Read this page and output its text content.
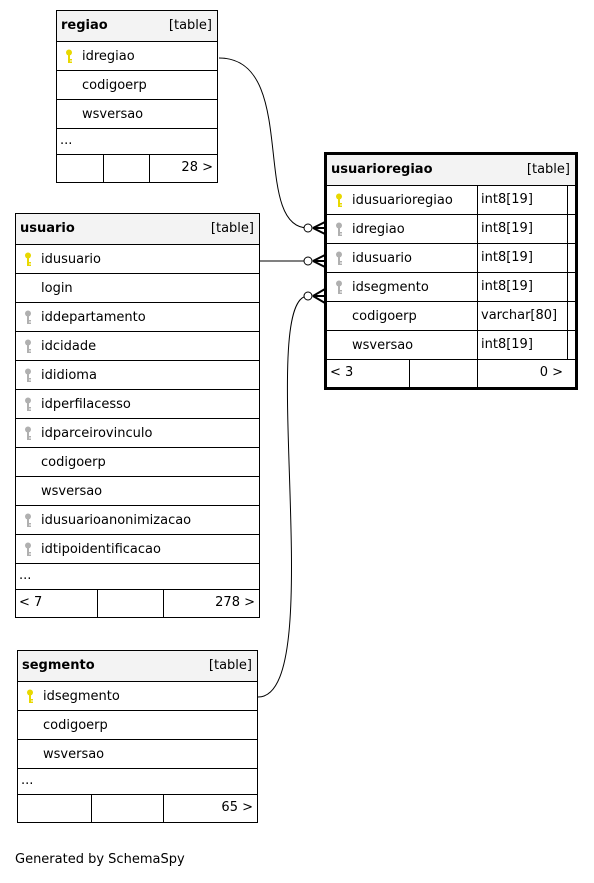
regiao	[table]
idregiao
codigoerp
wsversao
...
28 >
usuario	[table]
idusuario
login
iddepartamento
idcidade
ididioma
idperfilacesso
idparceirovinculo
codigoerp
wsversao
idusuarioanonimizacao
idtipoidentificacao
...
< 7	278 >
segmento	[table]
idsegmento
codigoerp
wsversao
...
65 >
usuarioregiao	[table]
idusuarioregiao	int8[19]
idregiao	int8[19]
idusuario	int8[19]
idsegmento	int8[19]
codigoerp	varchar[80]
wsversao	int8[19]
< 3	0 >
Generated by SchemaSpy
